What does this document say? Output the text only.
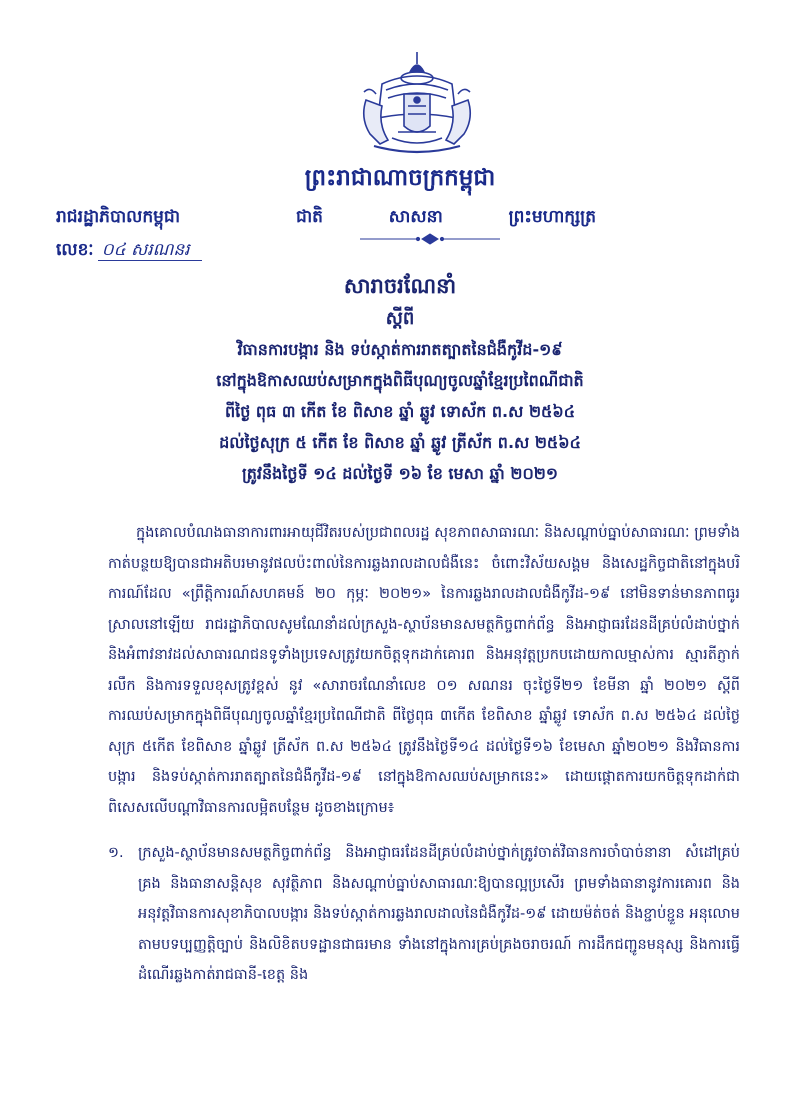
ព្រះរាជាណាចក្រកម្ពុជា
រាជរដ្ឋាភិបាលកម្ពុជា	ជាតិ	សាសនា	ព្រះមហាក្សត្រ
លេខៈ ០៤ សរណនរ
សារាចរណែនាំ
ស្តីពី
វិធានការបង្ការ និង ទប់ស្កាត់ការរាតត្បាតនៃជំងឺកូវីដ-១៩
នៅក្នុងឱកាសឈប់សម្រាកក្នុងពិធីបុណ្យចូលឆ្នាំខ្មែរប្រពៃណីជាតិ
ពីថ្ងៃ ពុធ ៣ កើត ខែ ពិសាខ ឆ្នាំ ឆ្លូវ ទោស័ក ព.ស ២៥៦៤
ដល់ថ្ងៃសុក្រ ៥ កើត ខែ ពិសាខ ឆ្នាំ ឆ្លូវ ត្រីស័ក ព.ស ២៥៦៤
ត្រូវនឹងថ្ងៃទី ១៤ ដល់ថ្ងៃទី ១៦ ខែ មេសា ឆ្នាំ ២០២១

ក្នុងគោលបំណងធានាការពារអាយុជីវិតរបស់ប្រជាពលរដ្ឋ សុខភាពសាធារណៈ និងសណ្តាប់ធ្នាប់សាធារណៈ ព្រមទាំងកាត់បន្ថយឱ្យបានជាអតិបរមានូវផលប៉ះពាល់នៃការឆ្លងរាលដាលជំងឺនេះ ចំពោះវិស័យសង្គម និងសេដ្ឋកិច្ចជាតិនៅក្នុងបរិការណ៍ដែល «ព្រឹត្តិការណ៍សហគមន៍ ២០ កុម្ភៈ ២០២១» នៃការឆ្លងរាលដាលជំងឺកូវីដ-១៩ នៅមិនទាន់មានភាពធូរស្រាលនៅឡើយ រាជរដ្ឋាភិបាលសូមណែនាំដល់ក្រសួង-ស្ថាប័នមានសមត្ថកិច្ចពាក់ព័ន្ធ និងអាជ្ញាធរដែនដីគ្រប់លំដាប់ថ្នាក់ និងអំពាវនាវដល់សាធារណជនទូទាំងប្រទេសត្រូវយកចិត្តទុកដាក់គោរព និងអនុវត្តប្រកបដោយកាលម្មាស់ការ ស្មារតីភ្ញាក់រលឹក និងការទទួលខុសត្រូវខ្ពស់ នូវ «សារាចរណែនាំលេខ ០១ សណនរ ចុះថ្ងៃទី២១ ខែមីនា ឆ្នាំ ២០២១ ស្តីពីការឈប់សម្រាកក្នុងពិធីបុណ្យចូលឆ្នាំខ្មែរប្រពៃណីជាតិ ពីថ្ងៃពុធ ៣កើត ខែពិសាខ ឆ្នាំឆ្លូវ ទោស័ក ព.ស ២៥៦៤ ដល់ថ្ងៃសុក្រ ៥កើត ខែពិសាខ ឆ្នាំឆ្លូវ ត្រីស័ក ព.ស ២៥៦៤ ត្រូវនឹងថ្ងៃទី១៤ ដល់ថ្ងៃទី១៦ ខែមេសា ឆ្នាំ២០២១ និងវិធានការបង្ការ និងទប់ស្កាត់ការរាតត្បាតនៃជំងឺកូវីដ-១៩ នៅក្នុងឱកាសឈប់សម្រាកនេះ» ដោយផ្តោតការយកចិត្តទុកដាក់ជាពិសេសលើបណ្តាវិធានការលម្អិតបន្ថែម ដូចខាងក្រោម៖

១. ក្រសួង-ស្ថាប័នមានសមត្ថកិច្ចពាក់ព័ន្ធ និងអាជ្ញាធរដែនដីគ្រប់លំដាប់ថ្នាក់ត្រូវចាត់វិធានការចាំបាច់នានា សំដៅគ្រប់គ្រង និងធានាសន្តិសុខ សុវត្ថិភាព និងសណ្តាប់ធ្នាប់សាធារណៈឱ្យបានល្អប្រសើរ ព្រមទាំងធានានូវការគោរព និងអនុវត្តវិធានការសុខាភិបាលបង្ការ និងទប់ស្កាត់ការឆ្លងរាលដាលនៃជំងឺកូវីដ-១៩ ដោយម៉ត់ចត់ និងខ្ជាប់ខ្ជួន អនុលោមតាមបទប្បញ្ញត្តិច្បាប់ និងលិខិតបទដ្ឋានជាធរមាន ទាំងនៅក្នុងការគ្រប់គ្រងចរាចរណ៍ ការដឹកជញ្ជូនមនុស្ស និងការធ្វើដំណើរឆ្លងកាត់រាជធានី-ខេត្ត និង
